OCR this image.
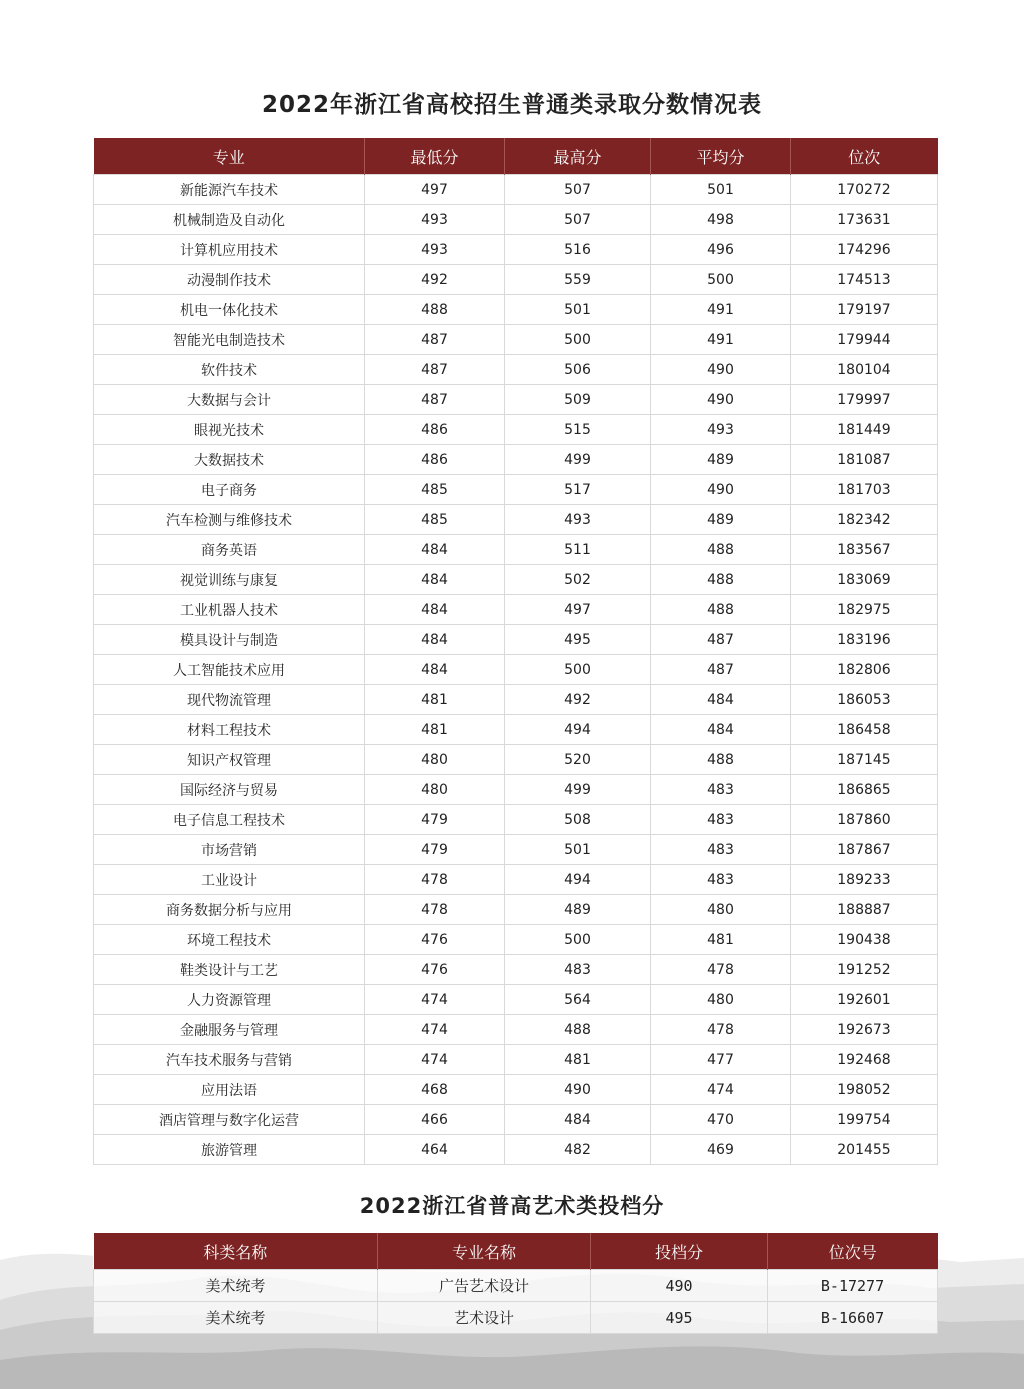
2022年浙江省高校招生普通类录取分数情况表
专业	最低分	最高分	平均分	位次
新能源汽车技术	497	507	501	170272
机械制造及自动化	493	507	498	173631
计算机应用技术	493	516	496	174296
动漫制作技术	492	559	500	174513
机电一体化技术	488	501	491	179197
智能光电制造技术	487	500	491	179944
软件技术	487	506	490	180104
大数据与会计	487	509	490	179997
眼视光技术	486	515	493	181449
大数据技术	486	499	489	181087
电子商务	485	517	490	181703
汽车检测与维修技术	485	493	489	182342
商务英语	484	511	488	183567
视觉训练与康复	484	502	488	183069
工业机器人技术	484	497	488	182975
模具设计与制造	484	495	487	183196
人工智能技术应用	484	500	487	182806
现代物流管理	481	492	484	186053
材料工程技术	481	494	484	186458
知识产权管理	480	520	488	187145
国际经济与贸易	480	499	483	186865
电子信息工程技术	479	508	483	187860
市场营销	479	501	483	187867
工业设计	478	494	483	189233
商务数据分析与应用	478	489	480	188887
环境工程技术	476	500	481	190438
鞋类设计与工艺	476	483	478	191252
人力资源管理	474	564	480	192601
金融服务与管理	474	488	478	192673
汽车技术服务与营销	474	481	477	192468
应用法语	468	490	474	198052
酒店管理与数字化运营	466	484	470	199754
旅游管理	464	482	469	201455
2022浙江省普高艺术类投档分
科类名称	专业名称	投档分	位次号
美术统考	广告艺术设计	490	B-17277
美术统考	艺术设计	495	B-16607
